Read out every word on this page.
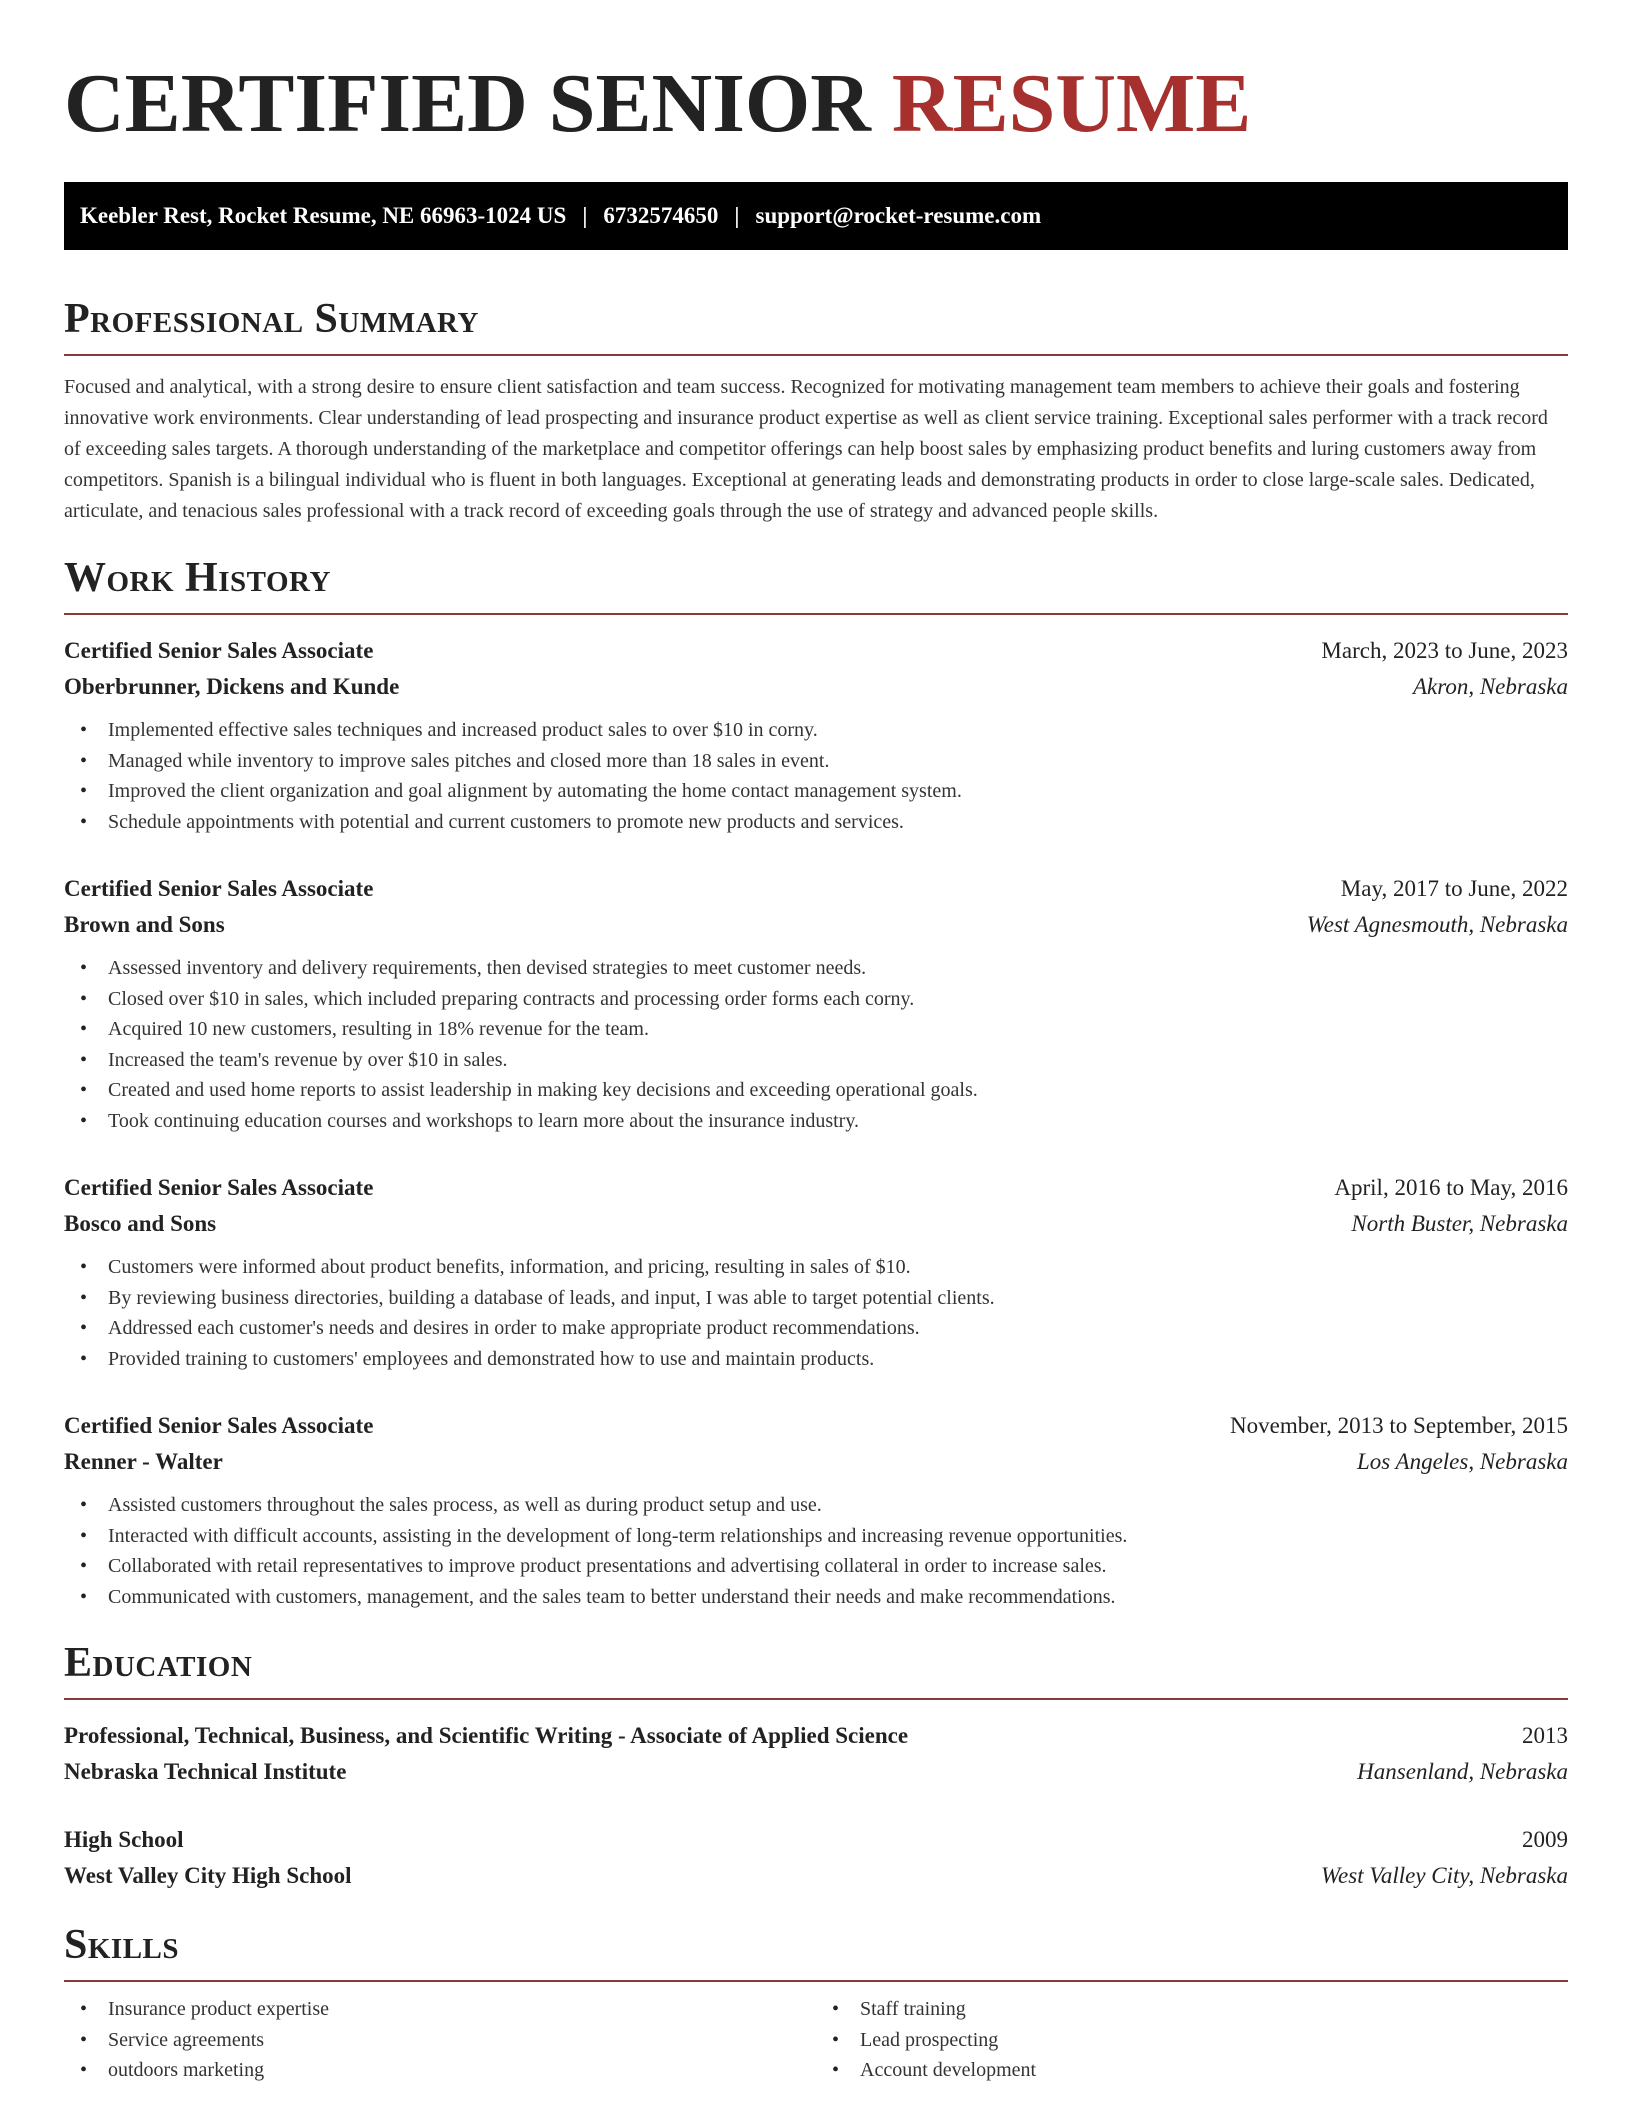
CERTIFIED SENIOR RESUME
Keebler Rest, Rocket Resume, NE 66963-1024 US | 6732574650 | support@rocket-resume.com
Professional Summary

Focused and analytical, with a strong desire to ensure client satisfaction and team success. Recognized for motivating management team members to achieve their goals and fostering innovative work environments. Clear understanding of lead prospecting and insurance product expertise as well as client service training. Exceptional sales performer with a track record of exceeding sales targets. A thorough understanding of the marketplace and competitor offerings can help boost sales by emphasizing product benefits and luring customers away from competitors. Spanish is a bilingual individual who is fluent in both languages. Exceptional at generating leads and demonstrating products in order to close large-scale sales. Dedicated, articulate, and tenacious sales professional with a track record of exceeding goals through the use of strategy and advanced people skills.

Work History
Certified Senior Sales Associate	March, 2023 to June, 2023
Oberbrunner, Dickens and Kunde	Akron, Nebraska
• Implemented effective sales techniques and increased product sales to over $10 in corny.
• Managed while inventory to improve sales pitches and closed more than 18 sales in event.
• Improved the client organization and goal alignment by automating the home contact management system.
• Schedule appointments with potential and current customers to promote new products and services.
Certified Senior Sales Associate	May, 2017 to June, 2022
Brown and Sons	West Agnesmouth, Nebraska
• Assessed inventory and delivery requirements, then devised strategies to meet customer needs.
• Closed over $10 in sales, which included preparing contracts and processing order forms each corny.
• Acquired 10 new customers, resulting in 18% revenue for the team.
• Increased the team's revenue by over $10 in sales.
• Created and used home reports to assist leadership in making key decisions and exceeding operational goals.
• Took continuing education courses and workshops to learn more about the insurance industry.
Certified Senior Sales Associate	April, 2016 to May, 2016
Bosco and Sons	North Buster, Nebraska
• Customers were informed about product benefits, information, and pricing, resulting in sales of $10.
• By reviewing business directories, building a database of leads, and input, I was able to target potential clients.
• Addressed each customer's needs and desires in order to make appropriate product recommendations.
• Provided training to customers' employees and demonstrated how to use and maintain products.
Certified Senior Sales Associate	November, 2013 to September, 2015
Renner - Walter	Los Angeles, Nebraska
• Assisted customers throughout the sales process, as well as during product setup and use.
• Interacted with difficult accounts, assisting in the development of long-term relationships and increasing revenue opportunities.
• Collaborated with retail representatives to improve product presentations and advertising collateral in order to increase sales.
• Communicated with customers, management, and the sales team to better understand their needs and make recommendations.
Education
Professional, Technical, Business, and Scientific Writing - Associate of Applied Science	2013
Nebraska Technical Institute	Hansenland, Nebraska
High School	2009
West Valley City High School	West Valley City, Nebraska
Skills
• Insurance product expertise
• Service agreements
• outdoors marketing
• Staff training
• Lead prospecting
• Account development
